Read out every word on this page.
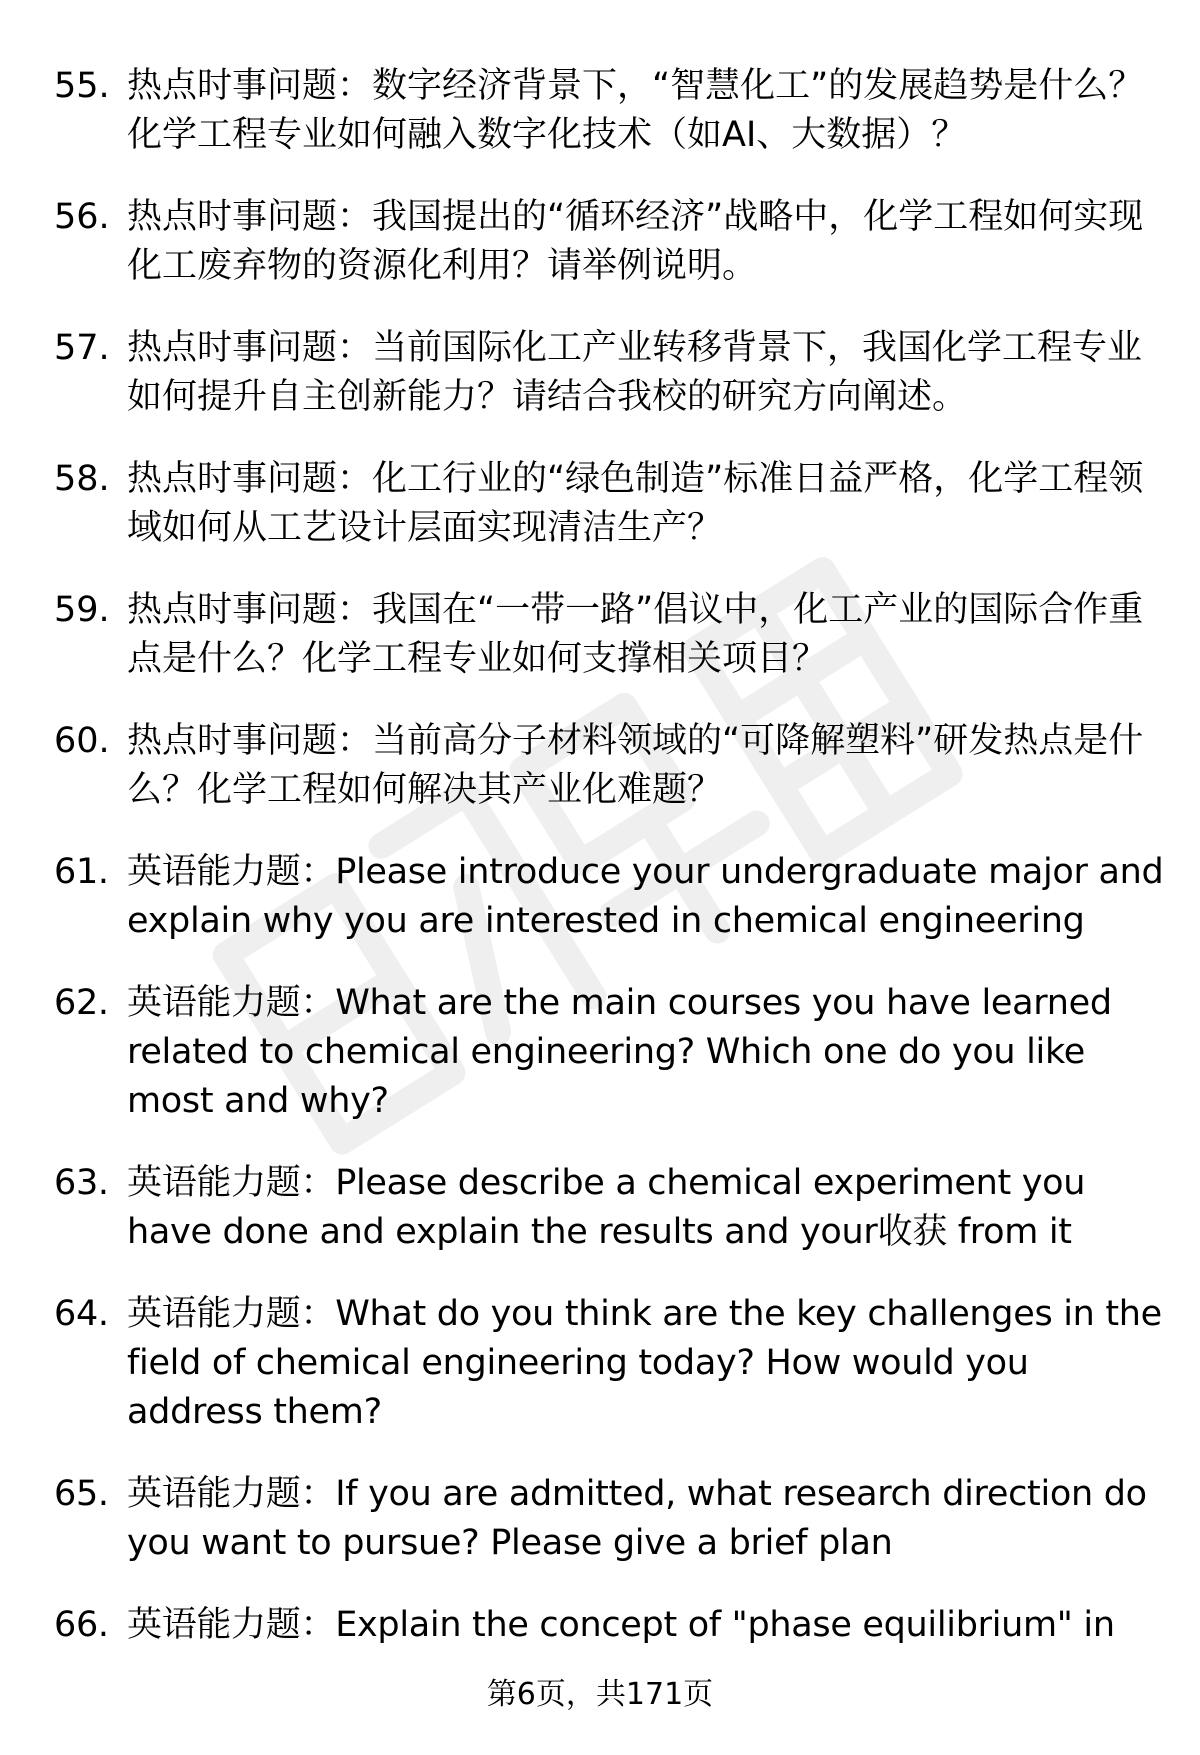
55. 热点时事问题：数字经济背景下，“智慧化工”的发展趋势是什么？化学工程专业如何融入数字化技术（如AI、大数据）？
56. 热点时事问题：我国提出的“循环经济”战略中，化学工程如何实现化工废弃物的资源化利用？请举例说明。
57. 热点时事问题：当前国际化工产业转移背景下，我国化学工程专业如何提升自主创新能力？请结合我校的研究方向阐述。
58. 热点时事问题：化工行业的“绿色制造”标准日益严格，化学工程领域如何从工艺设计层面实现清洁生产？
59. 热点时事问题：我国在“一带一路”倡议中，化工产业的国际合作重点是什么？化学工程专业如何支撑相关项目？
60. 热点时事问题：当前高分子材料领域的“可降解塑料”研发热点是什么？化学工程如何解决其产业化难题？
61. 英语能力题：Please introduce your undergraduate major and explain why you are interested in chemical engineering
62. 英语能力题：What are the main courses you have learned related to chemical engineering? Which one do you like most and why?
63. 英语能力题：Please describe a chemical experiment you have done and explain the results and your收获 from it
64. 英语能力题：What do you think are the key challenges in the field of chemical engineering today? How would you address them?
65. 英语能力题：If you are admitted, what research direction do you want to pursue? Please give a brief plan
66. 英语能力题：Explain the concept of "phase equilibrium" in
第6页，共171页
